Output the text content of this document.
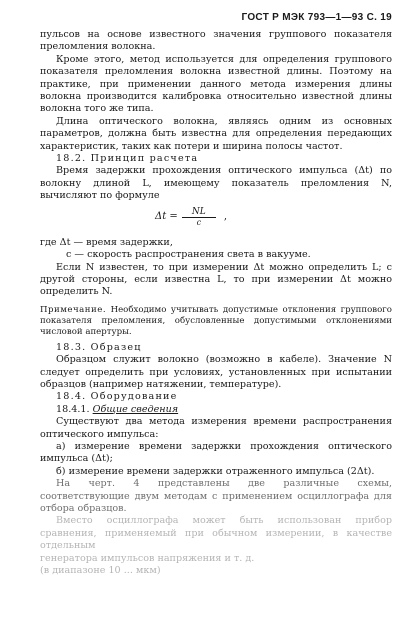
ГОСТ Р МЭК 793—1—93 С. 19

пульсов на основе известного значения группового показателя преломления волокна.

Кроме этого, метод используется для определения группового показателя преломления волокна известной длины. Поэтому на практике, при применении данного метода измерения длины волокна производится калибровка относительно известной длины волокна того же типа.

Длина оптического волокна, являясь одним из основных параметров, должна быть известна для определения передающих характеристик, таких как потери и ширина полосы частот.

18.2. Принцип расчета

Время задержки прохождения оптического импульса (Δt) по волокну длиной L, имеющему показатель преломления N, вычисляют по формуле

$\Delta t = \frac{NL}{c}$ ,

где Δt — время задержки,

c — скорость распространения света в вакууме.

Если N известен, то при измерении Δt можно определить L; с другой стороны, если известна L, то при измерении Δt можно определить N.

Примечание. Необходимо учитывать допустимые отклонения группового показателя преломления, обусловленные допустимыми отклонениями числовой апертуры.

18.3. Образец

Образцом служит волокно (возможно в кабеле). Значение N следует определить при условиях, установленных при испытании образцов (например натяжении, температуре).

18.4. Оборудование

18.4.1. Общие сведения

Существуют два метода измерения времени распространения оптического импульса:

а) измерение времени задержки прохождения оптического импульса (Δt);

б) измерение времени задержки отраженного импульса (2Δt).

На черт. 4 представлены две различные схемы, соответствующие двум методам с применением осциллографа для отбора образцов.

Вместо осциллографа может быть использован прибор сравнения, применяемый при обычном измерении, в качестве отдельным

генератора импульсов напряжения и т. д.

(в диапазоне 10 ... мкм)
